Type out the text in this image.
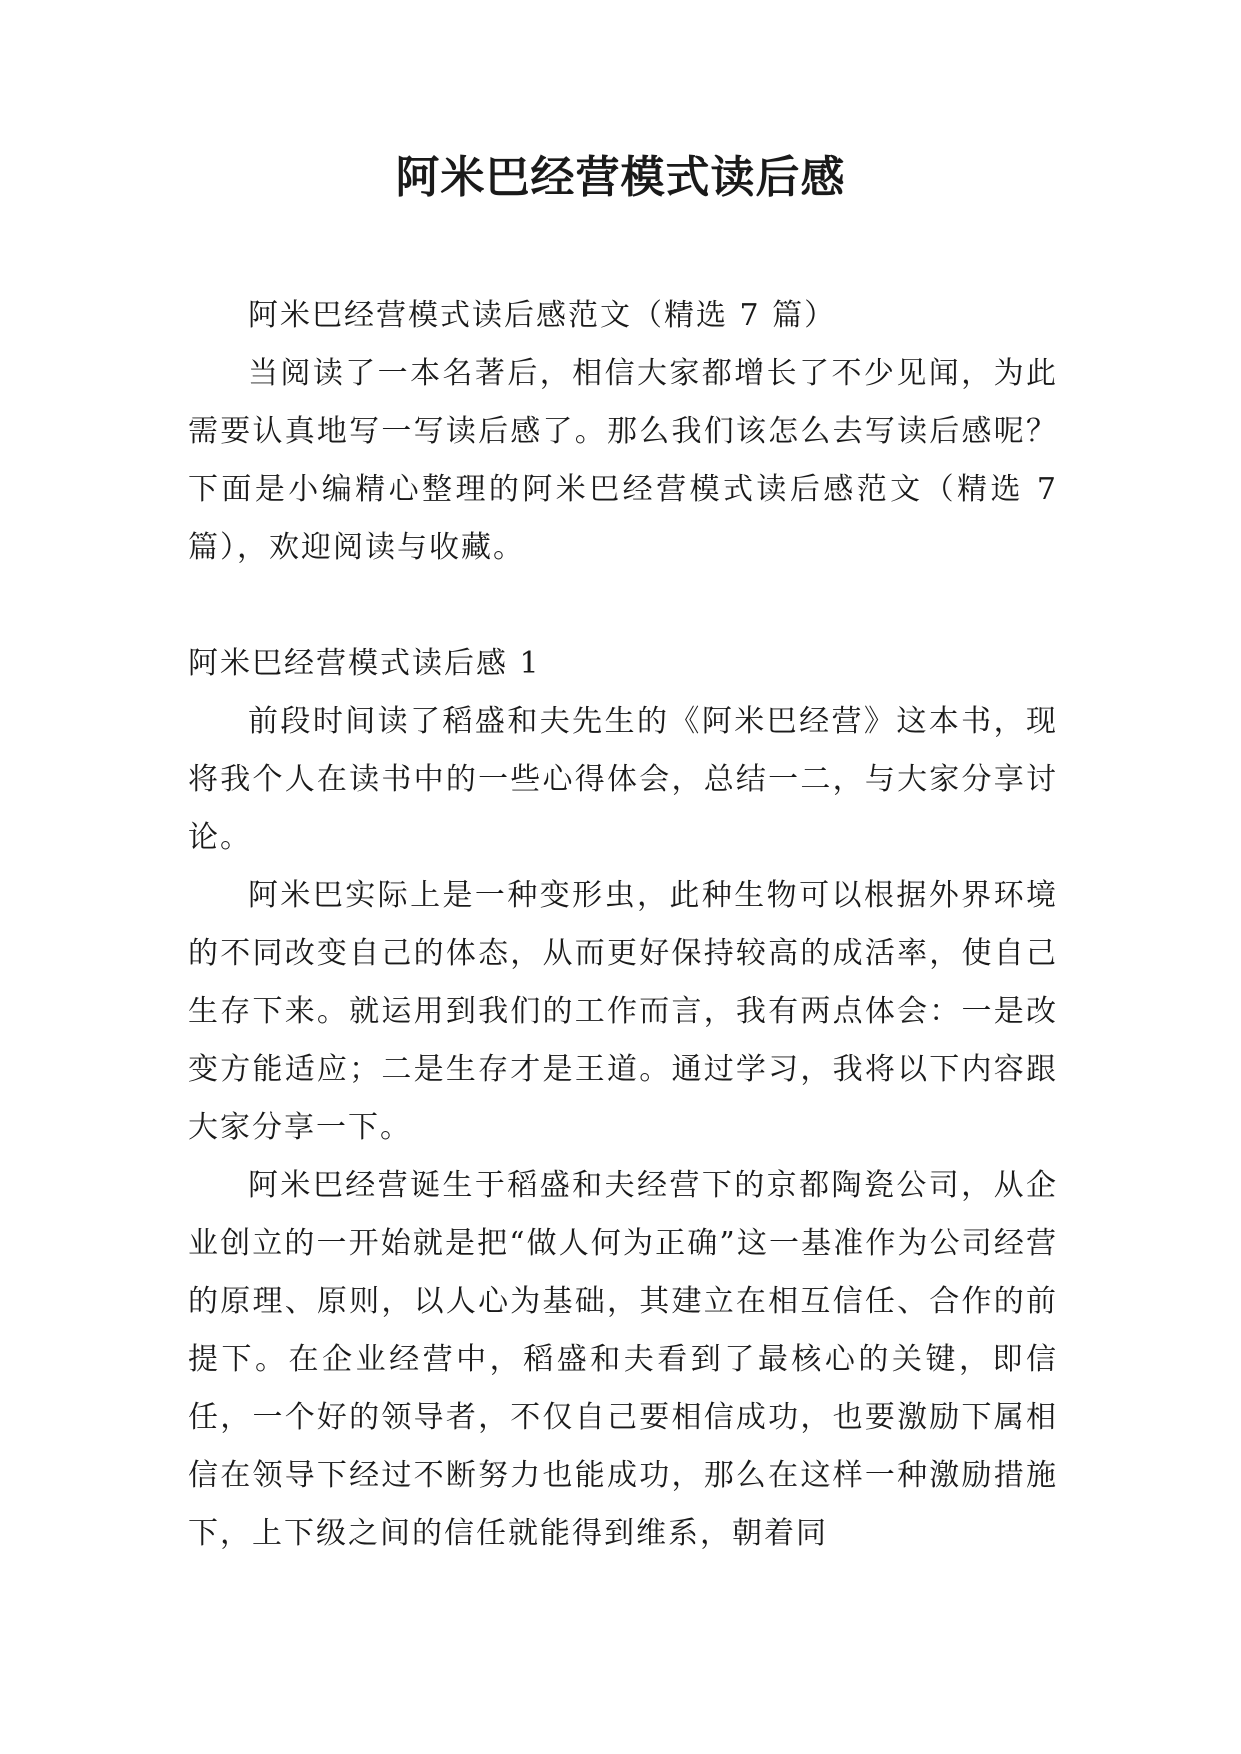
阿米巴经营模式读后感

阿米巴经营模式读后感范文（精选 7 篇）

当阅读了一本名著后，相信大家都增长了不少见闻，为此需要认真地写一写读后感了。那么我们该怎么去写读后感呢？下面是小编精心整理的阿米巴经营模式读后感范文（精选 7 篇），欢迎阅读与收藏。

阿米巴经营模式读后感 1

前段时间读了稻盛和夫先生的《阿米巴经营》这本书，现将我个人在读书中的一些心得体会，总结一二，与大家分享讨论。

阿米巴实际上是一种变形虫，此种生物可以根据外界环境的不同改变自己的体态，从而更好保持较高的成活率，使自己生存下来。就运用到我们的工作而言，我有两点体会：一是改变方能适应；二是生存才是王道。通过学习，我将以下内容跟大家分享一下。

阿米巴经营诞生于稻盛和夫经营下的京都陶瓷公司，从企业创立的一开始就是把“做人何为正确”这一基准作为公司经营的原理、原则，以人心为基础，其建立在相互信任、合作的前提下。在企业经营中，稻盛和夫看到了最核心的关键，即信任，一个好的领导者，不仅自己要相信成功，也要激励下属相信在领导下经过不断努力也能成功，那么在这样一种激励措施下，上下级之间的信任就能得到维系，朝着同
